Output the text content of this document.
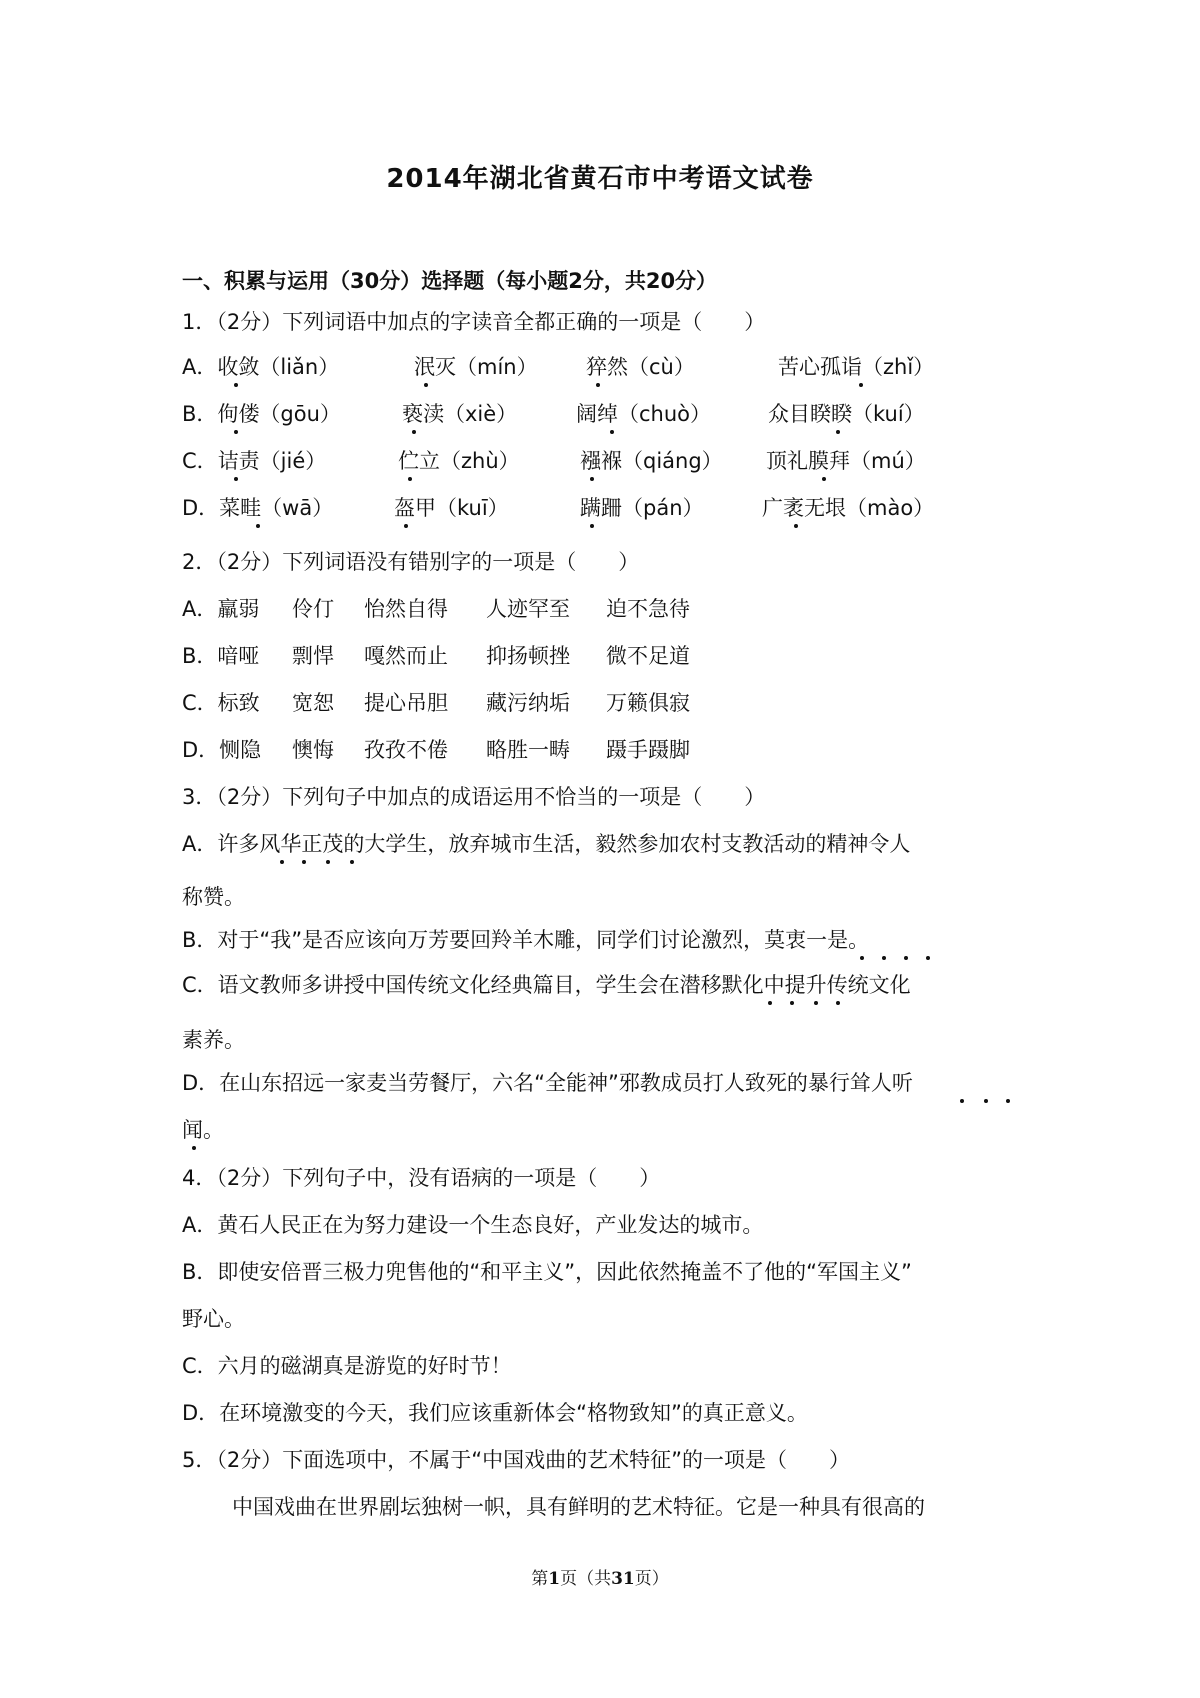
2014年湖北省黄石市中考语文试卷
一、积累与运用（30分）选择题（每小题2分，共20分）
1．（2分）下列词语中加点的字读音全都正确的一项是（　　）
A．收敛（liǎn）	泯灭（mín） 猝然（cù）	苦心孤诣（zhǐ）
B．佝偻（gōu）	亵渎（xiè）	阔绰（chuò）	众目睽睽（kuí）
C．诘责（jié）	伫立（zhù）	襁褓（qiáng） 顶礼膜拜（mú）
D．菜畦（wā）	盔甲（kuī）	蹒跚（pán）	广袤无垠（mào）
2．（2分）下列词语没有错别字的一项是（　　）
A．羸弱 伶仃 怡然自得 人迹罕至 迫不急待
B．喑哑 剽悍 嘎然而止 抑扬顿挫 微不足道
C．标致 宽恕 提心吊胆 藏污纳垢 万籁俱寂
D．恻隐 懊悔 孜孜不倦 略胜一畴 蹑手蹑脚
3．（2分）下列句子中加点的成语运用不恰当的一项是（　　）
A．许多风华正茂的大学生，放弃城市生活，毅然参加农村支教活动的精神令人
称赞。
B．对于“我”是否应该向万芳要回羚羊木雕，同学们讨论激烈，莫衷一是。
C．语文教师多讲授中国传统文化经典篇目，学生会在潜移默化中提升传统文化
素养。
D．在山东招远一家麦当劳餐厅，六名“全能神”邪教成员打人致死的暴行耸人听
闻。
4．（2分）下列句子中，没有语病的一项是（　　）
A．黄石人民正在为努力建设一个生态良好，产业发达的城市。
B．即使安倍晋三极力兜售他的“和平主义”，因此依然掩盖不了他的“军国主义”
野心。
C．六月的磁湖真是游览的好时节！
D．在环境激变的今天，我们应该重新体会“格物致知”的真正意义。
5．（2分）下面选项中，不属于“中国戏曲的艺术特征”的一项是（　　）
中国戏曲在世界剧坛独树一帜，具有鲜明的艺术特征。它是一种具有很高的
第1页（共31页）
